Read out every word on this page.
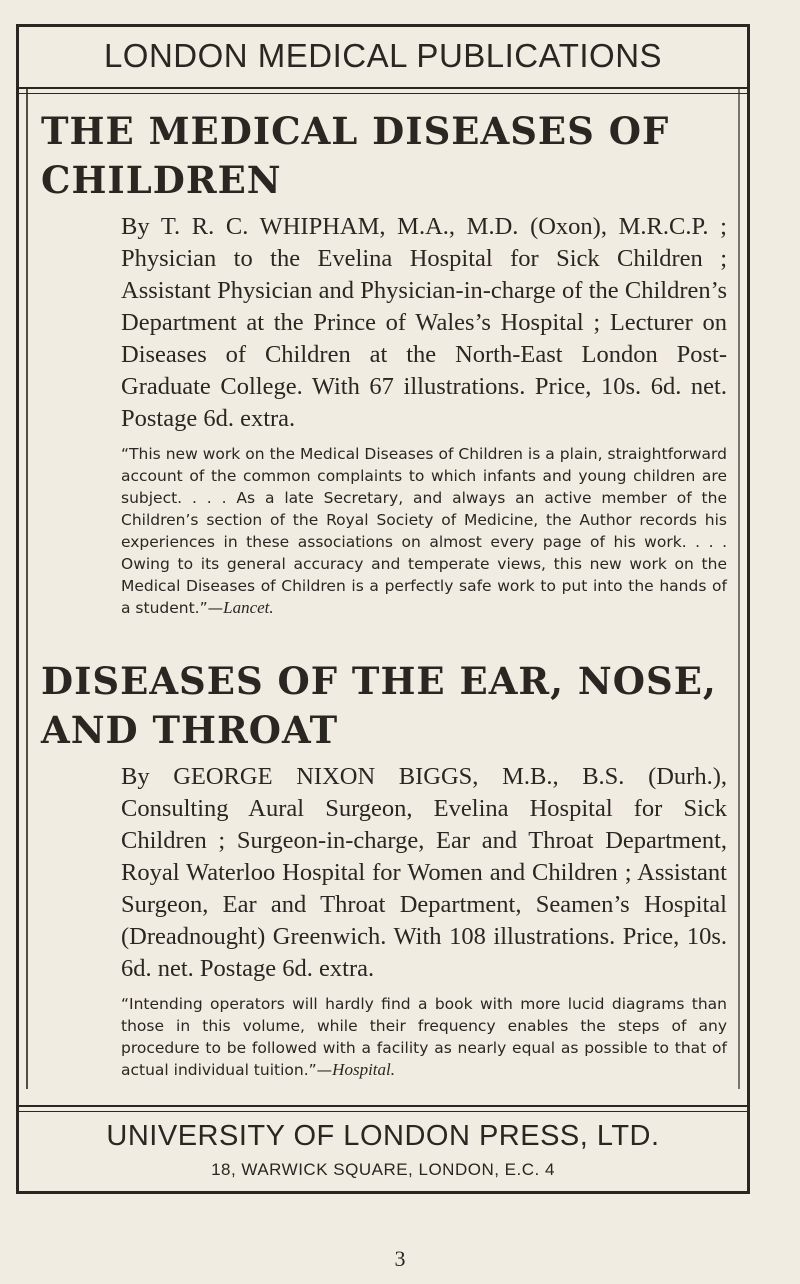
LONDON MEDICAL PUBLICATIONS
THE MEDICAL DISEASES OF
CHILDREN

By T. R. C. WHIPHAM, M.A., M.D. (Oxon), M.R.C.P. ; Physician to the Evelina Hospital for Sick Children ; Assistant Physician and Physician-in-charge of the Children’s Department at the Prince of Wales’s Hospital ; Lecturer on Diseases of Children at the North-East London Post-Graduate College. With 67 illustrations. Price, 10s. 6d. net. Postage 6d. extra.

“This new work on the Medical Diseases of Children is a plain, straightforward account of the common complaints to which infants and young children are subject. . . . As a late Secretary, and always an active member of the Children’s section of the Royal Society of Medicine, the Author records his experiences in these associations on almost every page of his work. . . . Owing to its general accuracy and temperate views, this new work on the Medical Diseases of Children is a perfectly safe work to put into the hands of a student.”—Lancet.

DISEASES OF THE EAR, NOSE,
AND THROAT

By GEORGE NIXON BIGGS, M.B., B.S. (Durh.), Consulting Aural Surgeon, Evelina Hospital for Sick Children ; Surgeon-in-charge, Ear and Throat Department, Royal Waterloo Hospital for Women and Children ; Assistant Surgeon, Ear and Throat Department, Seamen’s Hospital (Dreadnought) Greenwich. With 108 illustrations. Price, 10s. 6d. net. Postage 6d. extra.

“Intending operators will hardly find a book with more lucid diagrams than those in this volume, while their frequency enables the steps of any procedure to be followed with a facility as nearly equal as possible to that of actual individual tuition.”—Hospital.

UNIVERSITY OF LONDON PRESS, LTD.
18, WARWICK SQUARE, LONDON, E.C. 4
3
